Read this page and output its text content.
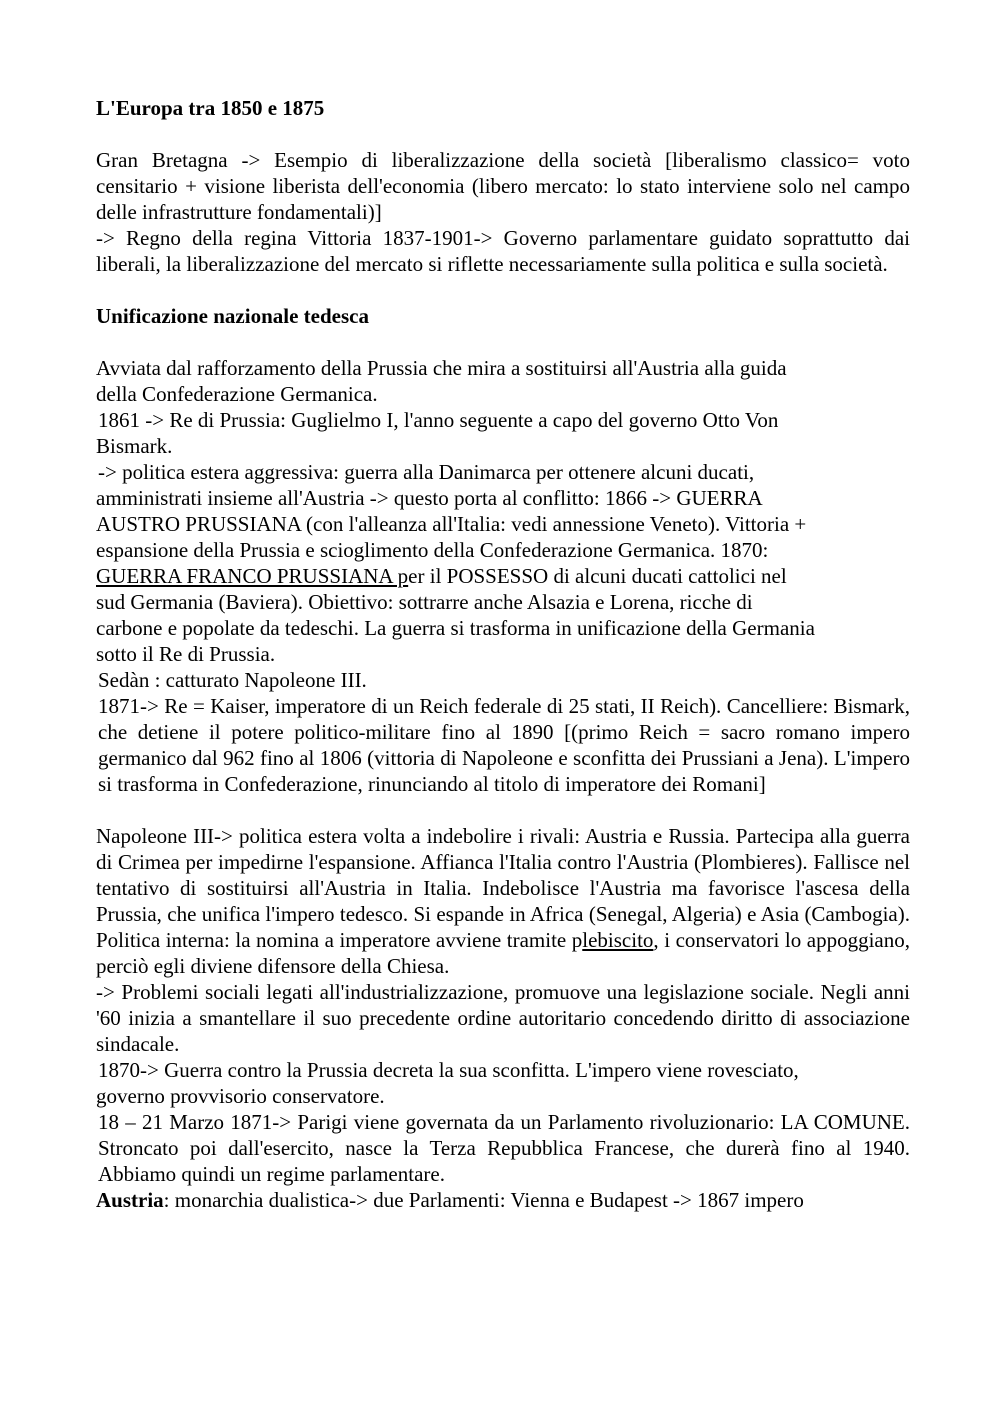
L'Europa tra 1850 e 1875

Gran Bretagna -> Esempio di liberalizzazione della società [liberalismo classico= voto censitario + visione liberista dell'economia (libero mercato: lo stato interviene solo nel campo delle infrastrutture fondamentali)]

-> Regno della regina Vittoria 1837-1901-> Governo parlamentare guidato soprattutto dai liberali, la liberalizzazione del mercato si riflette necessariamente sulla politica e sulla società.

Unificazione nazionale tedesca

Avviata dal rafforzamento della Prussia che mira a sostituirsi all'Austria alla guida

della Confederazione Germanica.

1861 -> Re di Prussia: Guglielmo I, l'anno seguente a capo del governo Otto Von

Bismark.

-> politica estera aggressiva: guerra alla Danimarca per ottenere alcuni ducati,

amministrati insieme all'Austria -> questo porta al conflitto: 1866 -> GUERRA

AUSTRO PRUSSIANA (con l'alleanza all'Italia: vedi annessione Veneto). Vittoria +

espansione della Prussia e scioglimento della Confederazione Germanica. 1870:

GUERRA FRANCO PRUSSIANA per il POSSESSO di alcuni ducati cattolici nel

sud Germania (Baviera). Obiettivo: sottrarre anche Alsazia e Lorena, ricche di

carbone e popolate da tedeschi. La guerra si trasforma in unificazione della Germania

sotto il Re di Prussia.

Sedàn : catturato Napoleone III.

1871-> Re = Kaiser, imperatore di un Reich federale di 25 stati, II Reich). Cancelliere: Bismark, che detiene il potere politico-militare fino al 1890 [(primo Reich = sacro romano impero germanico dal 962 fino al 1806 (vittoria di Napoleone e sconfitta dei Prussiani a Jena). L'impero si trasforma in Confederazione, rinunciando al titolo di imperatore dei Romani]

Napoleone III-> politica estera volta a indebolire i rivali: Austria e Russia. Partecipa alla guerra di Crimea per impedirne l'espansione. Affianca l'Italia contro l'Austria (Plombieres). Fallisce nel tentativo di sostituirsi all'Austria in Italia. Indebolisce l'Austria ma favorisce l'ascesa della Prussia, che unifica l'impero tedesco. Si espande in Africa (Senegal, Algeria) e Asia (Cambogia). Politica interna: la nomina a imperatore avviene tramite plebiscito, i conservatori lo appoggiano, perciò egli diviene difensore della Chiesa.

-> Problemi sociali legati all'industrializzazione, promuove una legislazione sociale. Negli anni '60 inizia a smantellare il suo precedente ordine autoritario concedendo diritto di associazione sindacale.

1870-> Guerra contro la Prussia decreta la sua sconfitta. L'impero viene rovesciato,

governo provvisorio conservatore.

18 – 21 Marzo 1871-> Parigi viene governata da un Parlamento rivoluzionario: LA COMUNE. Stroncato poi dall'esercito, nasce la Terza Repubblica Francese, che durerà fino al 1940. Abbiamo quindi un regime parlamentare.

Austria: monarchia dualistica-> due Parlamenti: Vienna e Budapest -> 1867 impero
